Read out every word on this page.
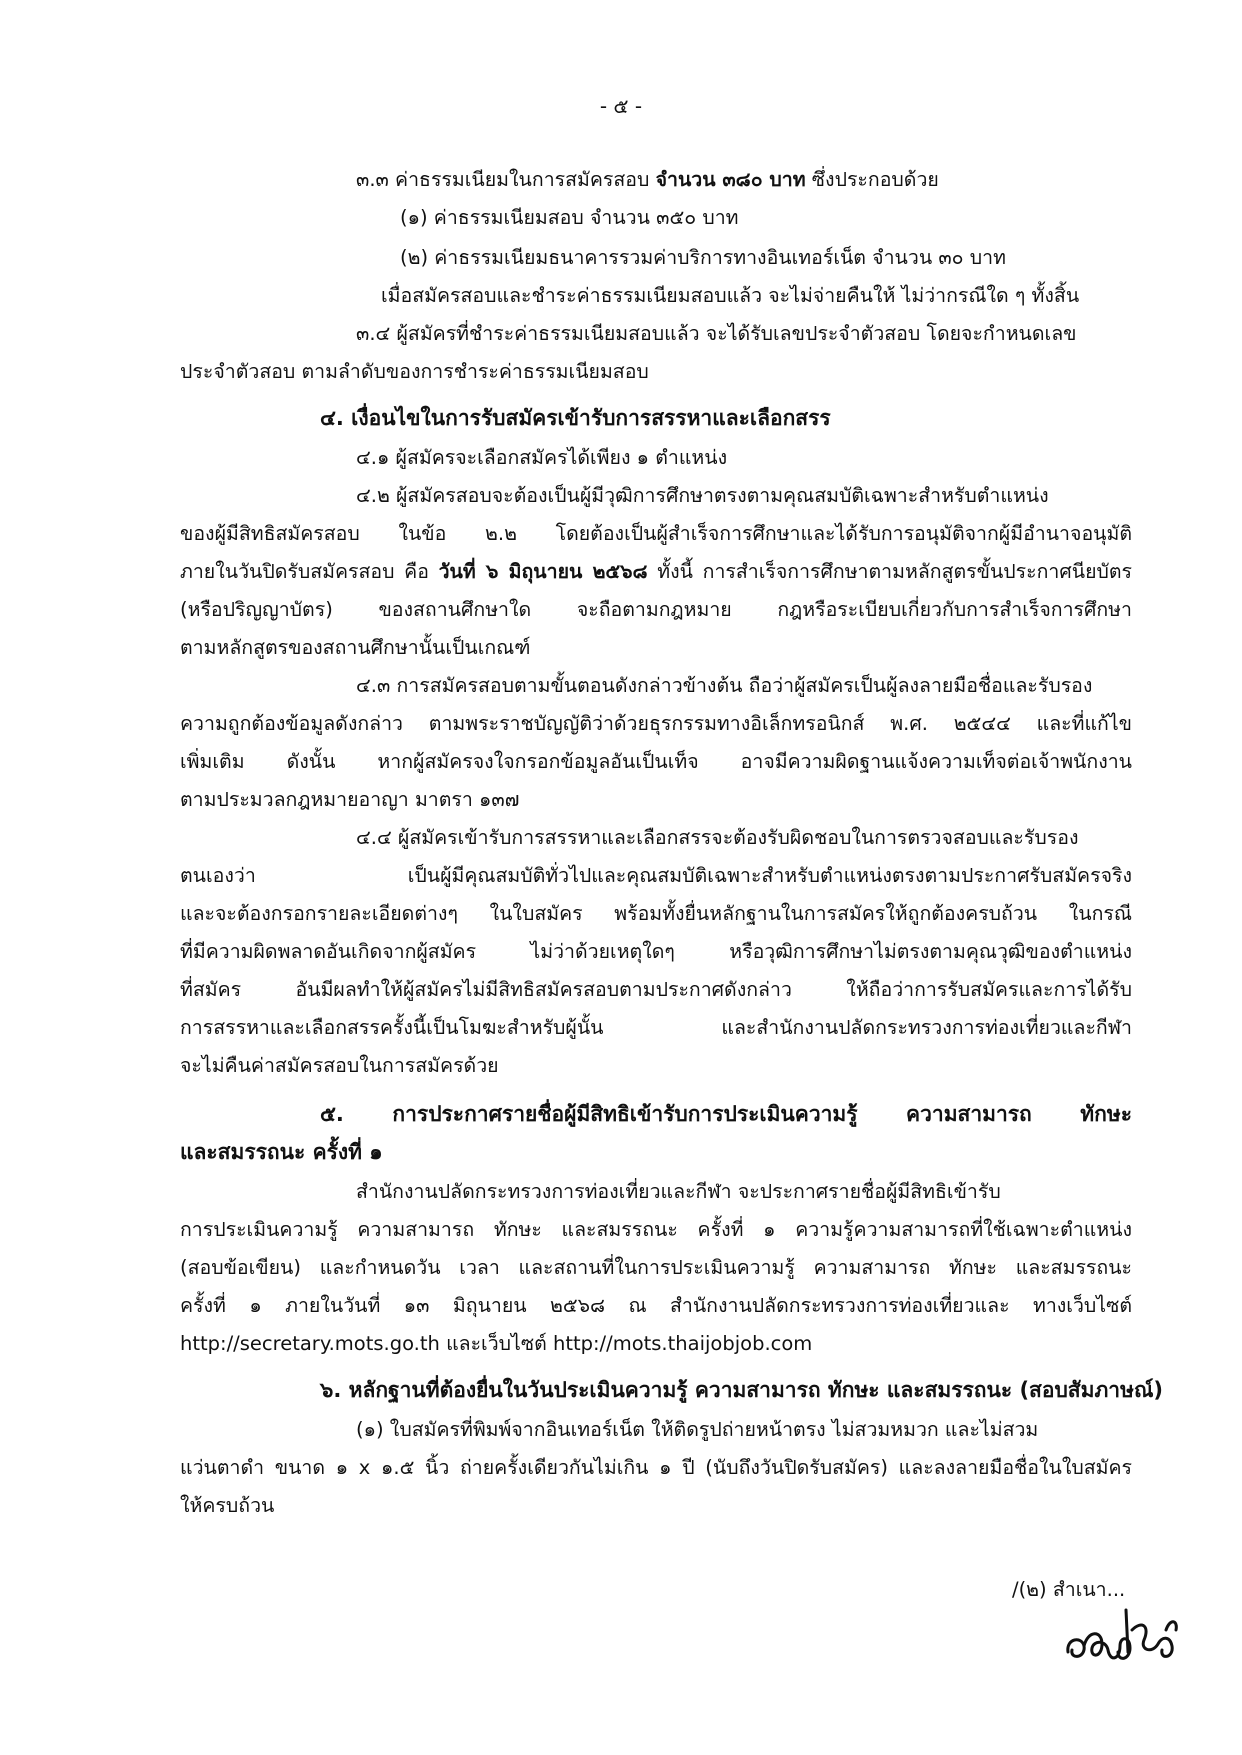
- ๕ -
๓.๓ ค่าธรรมเนียมในการสมัครสอบ จำนวน ๓๘๐ บาท ซึ่งประกอบด้วย
(๑) ค่าธรรมเนียมสอบ จำนวน ๓๕๐ บาท
(๒) ค่าธรรมเนียมธนาคารรวมค่าบริการทางอินเทอร์เน็ต จำนวน ๓๐ บาท
เมื่อสมัครสอบและชำระค่าธรรมเนียมสอบแล้ว จะไม่จ่ายคืนให้ ไม่ว่ากรณีใด ๆ ทั้งสิ้น
๓.๔ ผู้สมัครที่ชำระค่าธรรมเนียมสอบแล้ว จะได้รับเลขประจำตัวสอบ โดยจะกำหนดเลข
ประจำตัวสอบ ตามลำดับของการชำระค่าธรรมเนียมสอบ
๔. เงื่อนไขในการรับสมัครเข้ารับการสรรหาและเลือกสรร
๔.๑ ผู้สมัครจะเลือกสมัครได้เพียง ๑ ตำแหน่ง
๔.๒ ผู้สมัครสอบจะต้องเป็นผู้มีวุฒิการศึกษาตรงตามคุณสมบัติเฉพาะสำหรับตำแหน่ง
ของผู้มีสิทธิสมัครสอบ ในข้อ ๒.๒ โดยต้องเป็นผู้สำเร็จการศึกษาและได้รับการอนุมัติจากผู้มีอำนาจอนุมัติ
ภายในวันปิดรับสมัครสอบ คือ วันที่ ๖ มิถุนายน ๒๕๖๘ ทั้งนี้ การสำเร็จการศึกษาตามหลักสูตรขั้นประกาศนียบัตร
(หรือปริญญาบัตร) ของสถานศึกษาใด จะถือตามกฎหมาย กฎหรือระเบียบเกี่ยวกับการสำเร็จการศึกษา
ตามหลักสูตรของสถานศึกษานั้นเป็นเกณฑ์
๔.๓ การสมัครสอบตามขั้นตอนดังกล่าวข้างต้น ถือว่าผู้สมัครเป็นผู้ลงลายมือชื่อและรับรอง
ความถูกต้องข้อมูลดังกล่าว ตามพระราชบัญญัติว่าด้วยธุรกรรมทางอิเล็กทรอนิกส์ พ.ศ. ๒๕๔๔ และที่แก้ไข
เพิ่มเติม ดังนั้น หากผู้สมัครจงใจกรอกข้อมูลอันเป็นเท็จ อาจมีความผิดฐานแจ้งความเท็จต่อเจ้าพนักงาน
ตามประมวลกฎหมายอาญา มาตรา ๑๓๗
๔.๔ ผู้สมัครเข้ารับการสรรหาและเลือกสรรจะต้องรับผิดชอบในการตรวจสอบและรับรอง
ตนเองว่า เป็นผู้มีคุณสมบัติทั่วไปและคุณสมบัติเฉพาะสำหรับตำแหน่งตรงตามประกาศรับสมัครจริง
และจะต้องกรอกรายละเอียดต่างๆ ในใบสมัคร พร้อมทั้งยื่นหลักฐานในการสมัครให้ถูกต้องครบถ้วน ในกรณี
ที่มีความผิดพลาดอันเกิดจากผู้สมัคร ไม่ว่าด้วยเหตุใดๆ หรือวุฒิการศึกษาไม่ตรงตามคุณวุฒิของตำแหน่ง
ที่สมัคร อันมีผลทำให้ผู้สมัครไม่มีสิทธิสมัครสอบตามประกาศดังกล่าว ให้ถือว่าการรับสมัครและการได้รับ
การสรรหาและเลือกสรรครั้งนี้เป็นโมฆะสำหรับผู้นั้น และสำนักงานปลัดกระทรวงการท่องเที่ยวและกีฬา
จะไม่คืนค่าสมัครสอบในการสมัครด้วย
๕. การประกาศรายชื่อผู้มีสิทธิเข้ารับการประเมินความรู้ ความสามารถ ทักษะ
และสมรรถนะ ครั้งที่ ๑
สำนักงานปลัดกระทรวงการท่องเที่ยวและกีฬา จะประกาศรายชื่อผู้มีสิทธิเข้ารับ
การประเมินความรู้ ความสามารถ ทักษะ และสมรรถนะ ครั้งที่ ๑ ความรู้ความสามารถที่ใช้เฉพาะตำแหน่ง
(สอบข้อเขียน) และกำหนดวัน เวลา และสถานที่ในการประเมินความรู้ ความสามารถ ทักษะ และสมรรถนะ
ครั้งที่ ๑ ภายในวันที่ ๑๓ มิถุนายน ๒๕๖๘ ณ สำนักงานปลัดกระทรวงการท่องเที่ยวและ ทางเว็บไซต์
http://secretary.mots.go.th และเว็บไซต์ http://mots.thaijobjob.com
๖. หลักฐานที่ต้องยื่นในวันประเมินความรู้ ความสามารถ ทักษะ และสมรรถนะ (สอบสัมภาษณ์)
(๑) ใบสมัครที่พิมพ์จากอินเทอร์เน็ต ให้ติดรูปถ่ายหน้าตรง ไม่สวมหมวก และไม่สวม
แว่นตาดำ ขนาด ๑ x ๑.๕ นิ้ว ถ่ายครั้งเดียวกันไม่เกิน ๑ ปี (นับถึงวันปิดรับสมัคร) และลงลายมือชื่อในใบสมัคร
ให้ครบถ้วน
/(๒) สำเนา...
